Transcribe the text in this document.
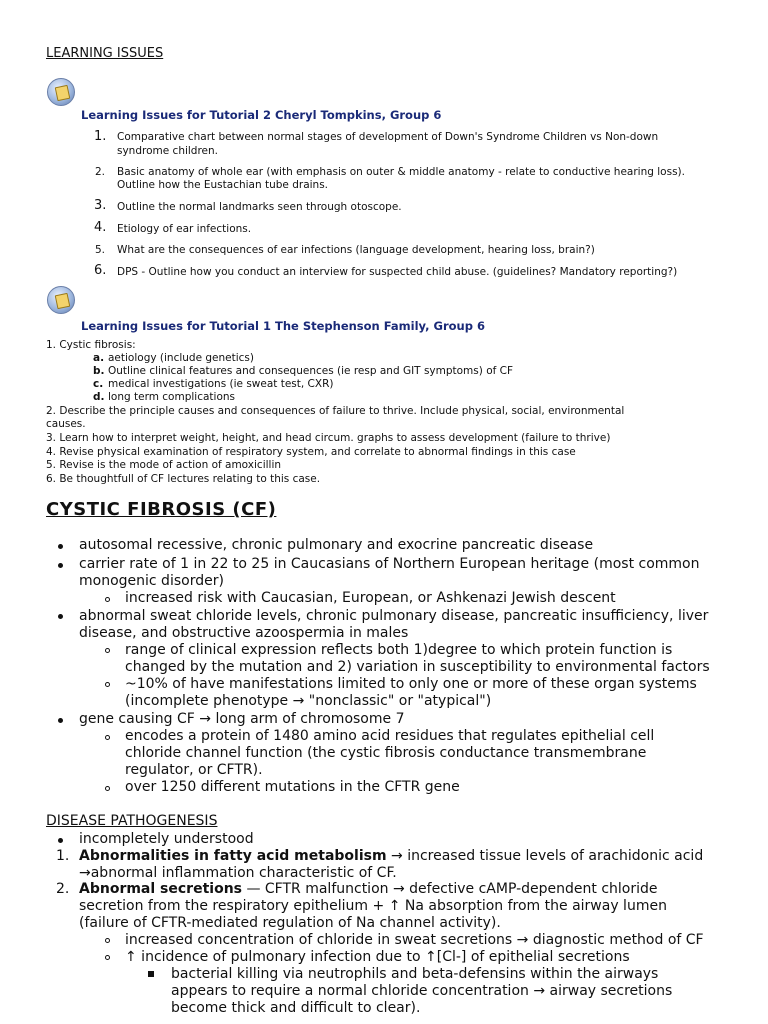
LEARNING ISSUES
Learning Issues for Tutorial 2 Cheryl Tompkins, Group 6
1. Comparative chart between normal stages of development of Down's Syndrome Children vs Non-down
syndrome children.
2. Basic anatomy of whole ear (with emphasis on outer & middle anatomy - relate to conductive hearing loss).
Outline how the Eustachian tube drains.
3. Outline the normal landmarks seen through otoscope.
4. Etiology of ear infections.
5. What are the consequences of ear infections (language development, hearing loss, brain?)
6. DPS - Outline how you conduct an interview for suspected child abuse. (guidelines? Mandatory reporting?)
Learning Issues for Tutorial 1 The Stephenson Family, Group 6
1. Cystic fibrosis:
a. aetiology (include genetics)
b. Outline clinical features and consequences (ie resp and GIT symptoms) of CF
c. medical investigations (ie sweat test, CXR)
d. long term complications
2. Describe the principle causes and consequences of failure to thrive. Include physical, social, environmental
causes.
3. Learn how to interpret weight, height, and head circum. graphs to assess development (failure to thrive)
4. Revise physical examination of respiratory system, and correlate to abnormal findings in this case
5. Revise is the mode of action of amoxicillin
6. Be thoughtfull of CF lectures relating to this case.
CYSTIC FIBROSIS (CF)
autosomal recessive, chronic pulmonary and exocrine pancreatic disease
carrier rate of 1 in 22 to 25 in Caucasians of Northern European heritage (most common
monogenic disorder)
increased risk with Caucasian, European, or Ashkenazi Jewish descent
abnormal sweat chloride levels, chronic pulmonary disease, pancreatic insufficiency, liver
disease, and obstructive azoospermia in males
range of clinical expression reflects both 1)degree to which protein function is
changed by the mutation and 2) variation in susceptibility to environmental factors
~10% of have manifestations limited to only one or more of these organ systems
(incomplete phenotype → "nonclassic" or "atypical")
gene causing CF → long arm of chromosome 7
encodes a protein of 1480 amino acid residues that regulates epithelial cell
chloride channel function (the cystic fibrosis conductance transmembrane
regulator, or CFTR).
over 1250 different mutations in the CFTR gene
DISEASE PATHOGENESIS
incompletely understood
1. Abnormalities in fatty acid metabolism → increased tissue levels of arachidonic acid
→abnormal inflammation characteristic of CF.
2. Abnormal secretions — CFTR malfunction → defective cAMP-dependent chloride
secretion from the respiratory epithelium + ↑ Na absorption from the airway lumen
(failure of CFTR-mediated regulation of Na channel activity).
increased concentration of chloride in sweat secretions → diagnostic method of CF
↑ incidence of pulmonary infection due to ↑[Cl-] of epithelial secretions
bacterial killing via neutrophils and beta-defensins within the airways
appears to require a normal chloride concentration → airway secretions
become thick and difficult to clear).
